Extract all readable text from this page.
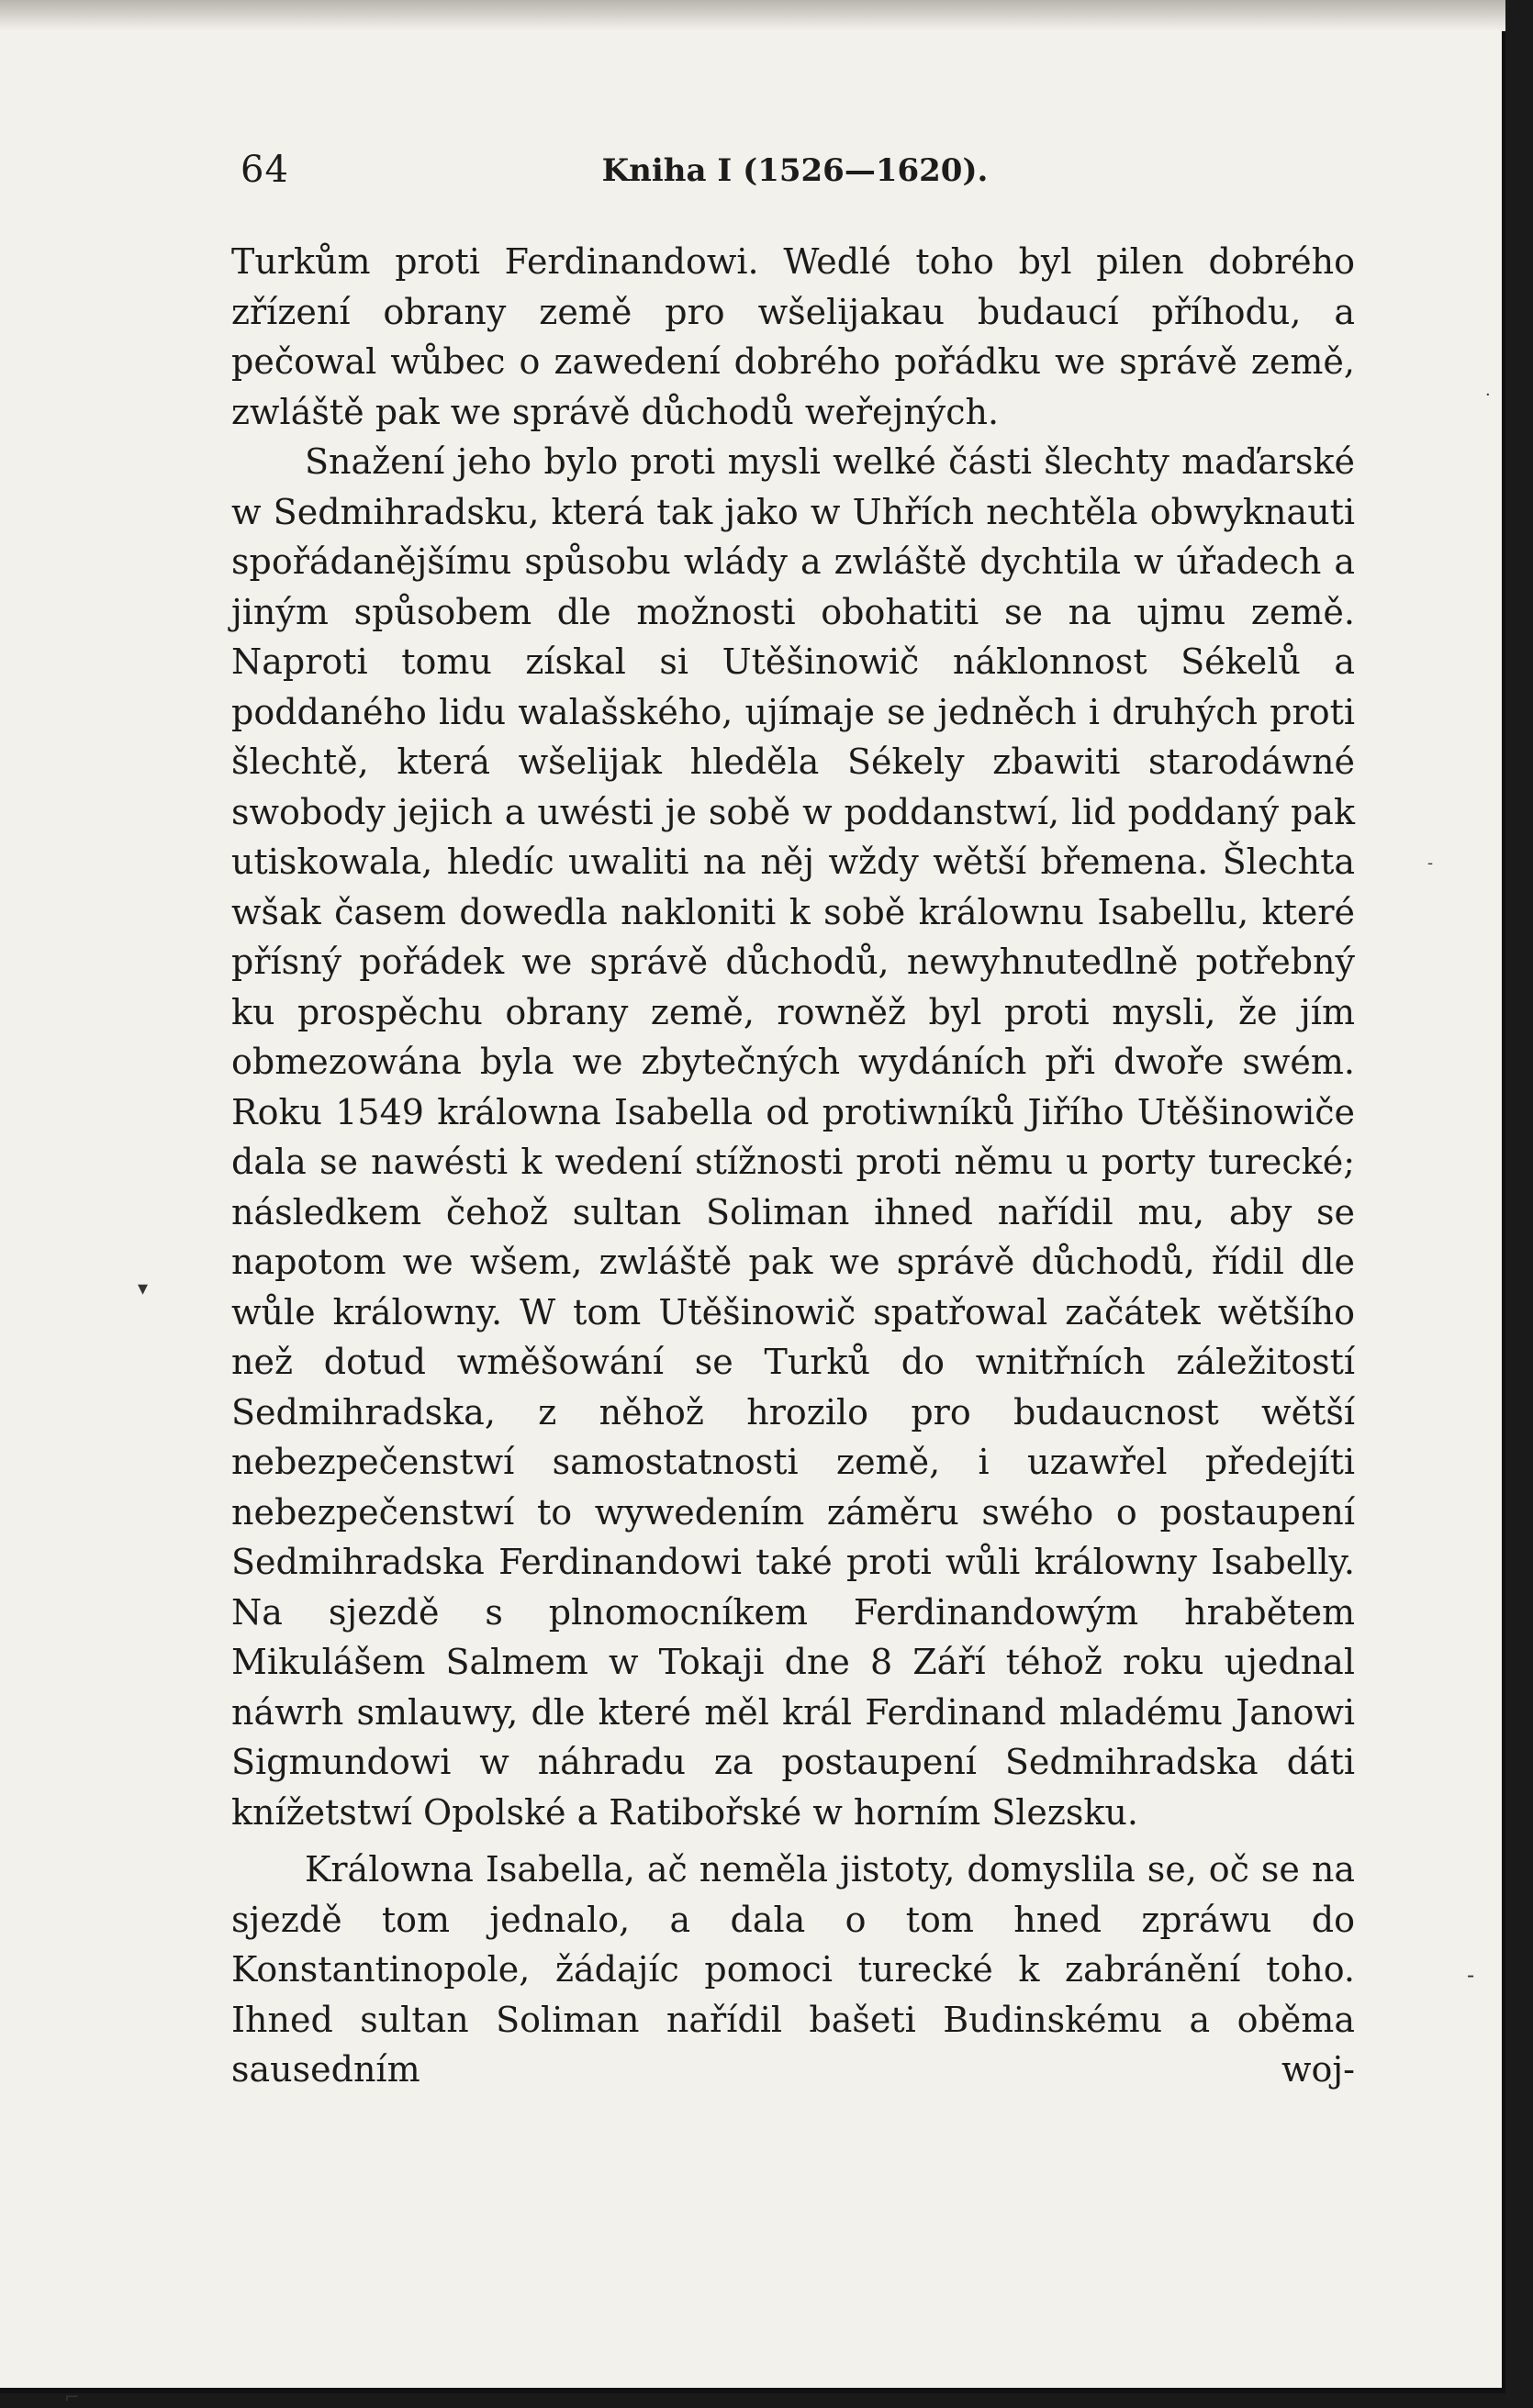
64	Kniha I (1526—1620).

Turkům proti Ferdinandowi. Wedlé toho byl pilen dobrého zřízení obrany země pro wšelijakau budaucí příhodu, a pečowal wůbec o zawedení dobrého pořádku we správě země, zwláště pak we správě důchodů weřejných.

Snažení jeho bylo proti mysli welké části šlechty maďarské w Sedmihradsku, která tak jako w Uhřích nechtěla obwyknauti spořádanějšímu spůsobu wlády a zwláště dychtila w úřadech a jiným spůsobem dle možnosti obohatiti se na ujmu země. Naproti tomu získal si Utěšinowič náklonnost Sékelů a poddaného lidu walašského, ujímaje se jedněch i druhých proti šlechtě, která wšelijak hleděla Sékely zbawiti starodáwné swobody jejich a uwésti je sobě w poddanstwí, lid poddaný pak utiskowala, hledíc uwaliti na něj wždy wětší břemena. Šlechta wšak časem dowedla nakloniti k sobě králownu Isabellu, které přísný pořádek we správě důchodů, newyhnutedlně potřebný ku prospěchu obrany země, rowněž byl proti mysli, že jím obmezowána byla we zbytečných wydáních při dwoře swém. Roku 1549 králowna Isabella od protiwníků Jiřího Utěšinowiče dala se nawésti k wedení stížnosti proti němu u porty turecké; následkem čehož sultan Soliman ihned nařídil mu, aby se napotom we wšem, zwláště pak we správě důchodů, řídil dle wůle králowny. W tom Utěšinowič spatřowal začátek wětšího než dotud wměšowání se Turků do wnitřních záležitostí Sedmihradska, z něhož hrozilo pro budaucnost wětší nebezpečenstwí samostatnosti země, i uzawřel předejíti nebezpečenstwí to wywedením záměru swého o postaupení Sedmihradska Ferdinandowi také proti wůli králowny Isabelly. Na sjezdě s plnomocníkem Ferdinandowým hrabětem Mikulášem Salmem w Tokaji dne 8 Září téhož roku ujednal náwrh smlauwy, dle které měl král Ferdinand mladému Janowi Sigmundowi w náhradu za postaupení Sedmihradska dáti knížetstwí Opolské a Ratibořské w horním Slezsku.

Králowna Isabella, ač neměla jistoty, domyslila se, oč se na sjezdě tom jednalo, a dala o tom hned zpráwu do Konstantinopole, žádajíc pomoci turecké k zabránění toho. Ihned sultan Soliman nařídil bašeti Budinskému a oběma sausedním woj-

▾
-
-
⌐
·
